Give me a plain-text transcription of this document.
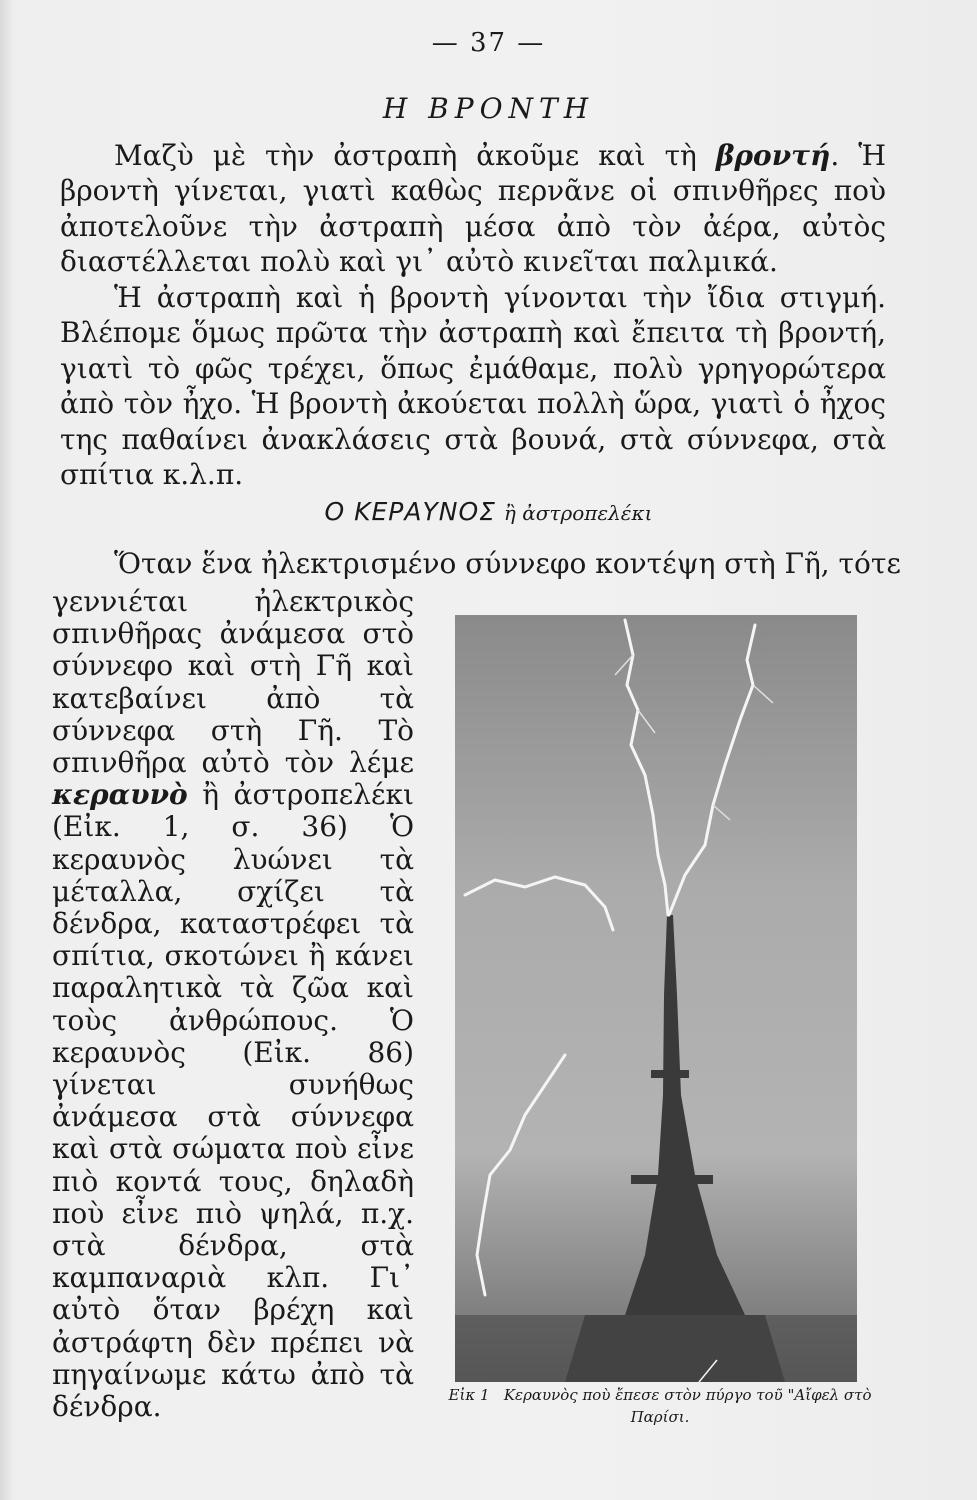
— 37 —
Η ΒΡΟΝΤΗ

Μαζὺ μὲ τὴν ἀστραπὴ ἀκοῦμε καὶ τὴ βροντή. Ἡ βροντὴ γίνεται, γιατὶ καθὼς περνᾶνε οἱ σπινθῆρες ποὺ ἀποτελοῦνε τὴν ἀστραπὴ μέσα ἀπὸ τὸν ἀέρα, αὐτὸς διαστέλλεται πολὺ καὶ γι᾽ αὐτὸ κινεῖται παλμικά.

Ἡ ἀστραπὴ καὶ ἡ βροντὴ γίνονται τὴν ἴδια στιγμή. Βλέπομε ὅμως πρῶτα τὴν ἀστραπὴ καὶ ἔπειτα τὴ βροντή, γιατὶ τὸ φῶς τρέχει, ὅπως ἐμάθαμε, πολὺ γρηγορώτερα ἀπὸ τὸν ἦχο. Ἡ βροντὴ ἀκούεται πολλὴ ὥρα, γιατὶ ὁ ἦχος της παθαίνει ἀνακλάσεις στὰ βουνά, στὰ σύννεφα, στὰ σπίτια κ.λ.π.

Ο ΚΕΡΑΥΝΟΣ ἢ ἀστροπελέκι

Ὅταν ἕνα ἠλεκτρισμένο σύννεφο κοντέψη στὴ Γῆ, τότε

γεννιέται ἠλεκτρικὸς σπινθῆρας ἀνάμεσα στὸ σύννεφο καὶ στὴ Γῆ καὶ κατεβαίνει ἀπὸ τὰ σύννεφα στὴ Γῆ. Τὸ σπινθῆρα αὐτὸ τὸν λέμε κεραυνὸ ἢ ἀστροπελέκι (Εἰκ. 1, σ. 36) Ὁ κεραυνὸς λυώνει τὰ μέταλλα, σχίζει τὰ δένδρα, καταστρέφει τὰ σπίτια, σκοτώνει ἢ κάνει παραλητικὰ τὰ ζῶα καὶ τοὺς ἀνθρώπους. Ὁ κεραυνὸς (Εἰκ. 86) γίνεται συνήθως ἀνάμεσα στὰ σύννεφα καὶ στὰ σώματα ποὺ εἶνε πιὸ κοντά τους, δηλαδὴ ποὺ εἶνε πιὸ ψηλά, π.χ. στὰ δένδρα, στὰ καμπαναριὰ κλπ. Γι᾽ αὐτὸ ὅταν βρέχη καὶ ἀστράφτη δὲν πρέπει νὰ πηγαίνωμε κάτω ἀπὸ τὰ δένδρα.	Εἰκ 1 Κεραυνὸς ποὺ ἔπεσε στὸν πύργο τοῦ "Αἴφελ στὸ Παρίσι.
